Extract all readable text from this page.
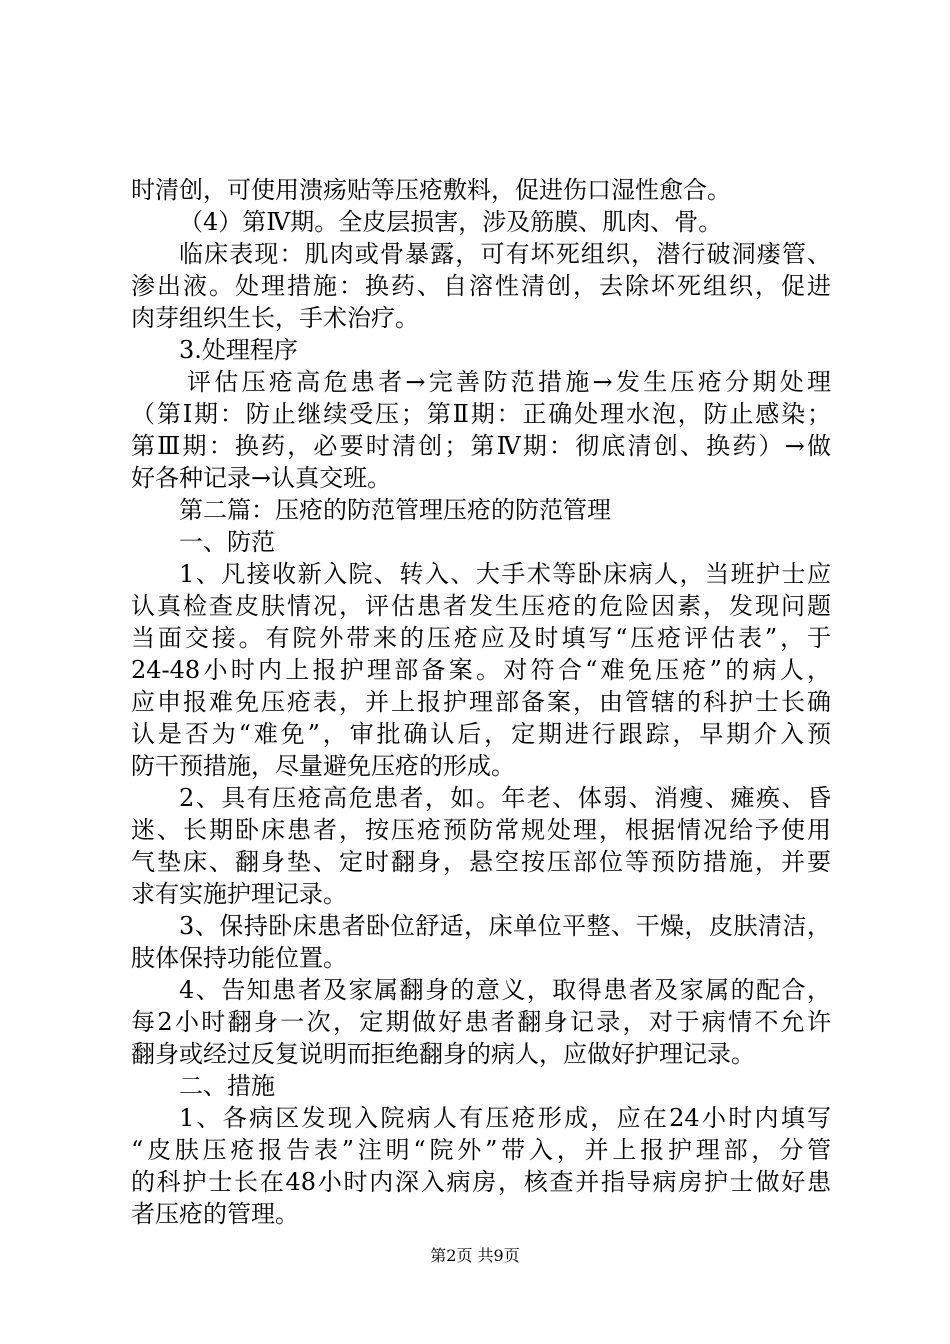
时清创，可使用溃疡贴等压疮敷料，促进伤口湿性愈合。
（4）第Ⅳ期。全皮层损害，涉及筋膜、肌肉、骨。
临床表现：肌肉或骨暴露，可有坏死组织，潜行破洞瘘管、
渗出液。处理措施：换药、自溶性清创，去除坏死组织，促进
肉芽组织生长，手术治疗。
3.处理程序
评估压疮高危患者→完善防范措施→发生压疮分期处理
（第Ⅰ期：防止继续受压；第Ⅱ期：正确处理水泡，防止感染；
第Ⅲ期：换药，必要时清创；第Ⅳ期：彻底清创、换药）→做
好各种记录→认真交班。
第二篇：压疮的防范管理压疮的防范管理
一、防范
1、凡接收新入院、转入、大手术等卧床病人，当班护士应
认真检查皮肤情况，评估患者发生压疮的危险因素，发现问题
当面交接。有院外带来的压疮应及时填写“压疮评估表”，于
24-48小时内上报护理部备案。对符合“难免压疮”的病人，
应申报难免压疮表，并上报护理部备案，由管辖的科护士长确
认是否为“难免”，审批确认后，定期进行跟踪，早期介入预
防干预措施，尽量避免压疮的形成。
2、具有压疮高危患者，如。年老、体弱、消瘦、瘫痪、昏
迷、长期卧床患者，按压疮预防常规处理，根据情况给予使用
气垫床、翻身垫、定时翻身，悬空按压部位等预防措施，并要
求有实施护理记录。
3、保持卧床患者卧位舒适，床单位平整、干燥，皮肤清洁，
肢体保持功能位置。
4、告知患者及家属翻身的意义，取得患者及家属的配合，
每2小时翻身一次，定期做好患者翻身记录，对于病情不允许
翻身或经过反复说明而拒绝翻身的病人，应做好护理记录。
二、措施
1、各病区发现入院病人有压疮形成，应在24小时内填写
“皮肤压疮报告表”注明“院外”带入，并上报护理部，分管
的科护士长在48小时内深入病房，核查并指导病房护士做好患
者压疮的管理。
第2页 共9页
